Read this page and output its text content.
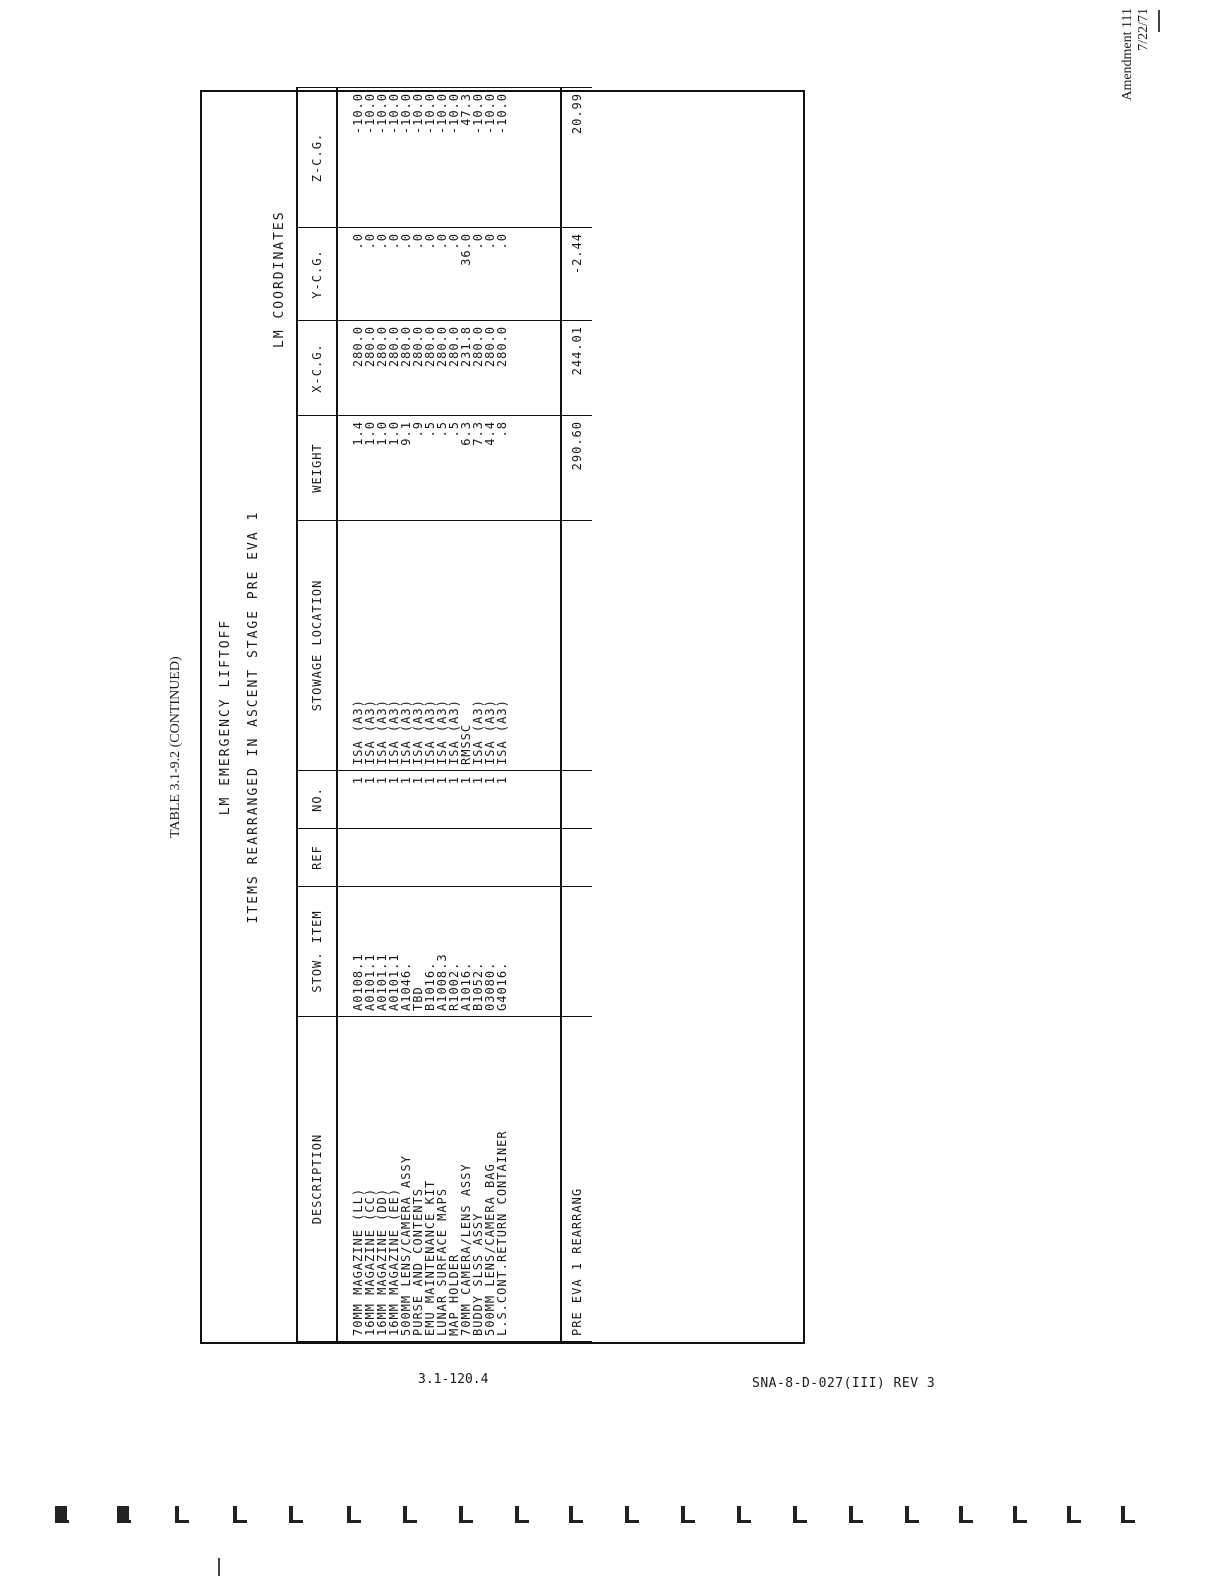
Amendment 111 7/22/71
TABLE 3.1-9.2 (CONTINUED)	LM EMERGENCY LIFTOFF ITEMS REARRANGED IN ASCENT STAGE PRE EVA 1
LM COORDINATES
DESCRIPTION	STOW. ITEM	REF	NO.	STOWAGE LOCATION	WEIGHT	X-C.G.	Y-C.G.	Z-C.G.
70MM MAGAZINE (LL)	A0108.1		1	ISA (A3)	1.4	280.0	.0	-10.0
16MM MAGAZINE (CC)	A0101.1		1	ISA (A3)	1.0	280.0	.0	-10.0
16MM MAGAZINE (DD)	A0101.1		1	ISA (A3)	1.0	280.0	.0	-10.0
16MM MAGAZINE (EE)	A0101.1		1	ISA (A3)	1.0	280.0	.0	-10.0
500MM LENS/CAMERA ASSY	A1046.		1	ISA (A3)	9.1	280.0	.0	-10.0
PURSE AND CONTENTS	TBD		1	ISA (A3)	.9	280.0	.0	-10.0
EMU MAINTENANCE KIT	B1016.		1	ISA (A3)	.5	280.0	.0	-10.0
LUNAR SURFACE MAPS	A1008.3		1	ISA (A3)	.5	280.0	.0	-10.0
MAP HOLDER	R1002.		1	ISA (A3)	.5	280.0	.0	-10.0
70MM CAMERA/LENS ASSY	A1016.		1	RMSSC	6.3	231.8	36.0	47.3
BUDDY SLSS ASSY	B1052.		1	ISA (A3)	7.3	280.0	.0	-10.0
500MM LENS/CAMERA BAG	03080.		1	ISA (A3)	4.4	280.0	.0	-10.0
L.S.CONT.RETURN CONTAINER	G4016.		1	ISA (A3)	.8	280.0	.0	-10.0

PRE EVA 1 REARRANG					290.60	244.01	-2.44	20.99
3.1-120.4	SNA-8-D-027(III) REV 3
